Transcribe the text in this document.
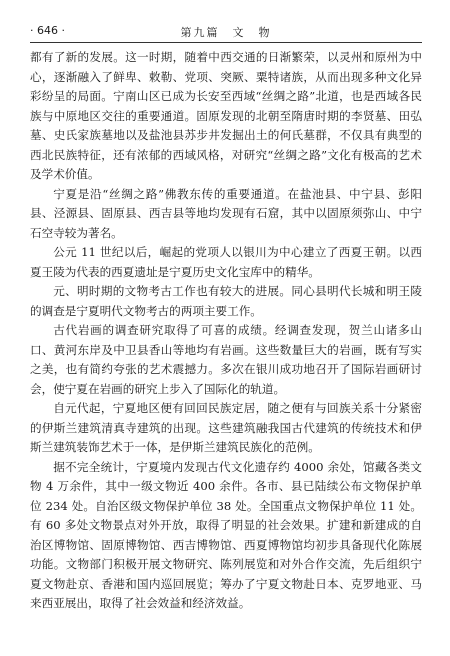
· 646 ·	第九篇　文　物

都有了新的发展。这一时期，随着中西交通的日渐繁荣，以灵州和原州为中心，逐渐融入了鲜卑、敕勒、党项、突厥、粟特诸族，从而出现多种文化异彩纷呈的局面。宁南山区已成为长安至西域“丝绸之路”北道，也是西域各民族与中原地区交往的重要通道。固原发现的北朝至隋唐时期的李贤墓、田弘墓、史氏家族墓地以及盐池县苏步井发掘出土的何氏墓群，不仅具有典型的西北民族特征，还有浓郁的西域风格，对研究“丝绸之路”文化有极高的艺术及学术价值。

宁夏是沿“丝绸之路”佛教东传的重要通道。在盐池县、中宁县、彭阳县、泾源县、固原县、西吉县等地均发现有石窟，其中以固原须弥山、中宁石空寺较为著名。

公元 11 世纪以后，崛起的党项人以银川为中心建立了西夏王朝。以西夏王陵为代表的西夏遗址是宁夏历史文化宝库中的精华。

元、明时期的文物考古工作也有较大的进展。同心县明代长城和明王陵的调查是宁夏明代文物考古的两项主要工作。

古代岩画的调查研究取得了可喜的成绩。经调查发现，贺兰山诸多山口、黄河东岸及中卫县香山等地均有岩画。这些数量巨大的岩画，既有写实之美，也有简约夸张的艺术震撼力。多次在银川成功地召开了国际岩画研讨会，使宁夏在岩画的研究上步入了国际化的轨道。

自元代起，宁夏地区便有回回民族定居，随之便有与回族关系十分紧密的伊斯兰建筑清真寺建筑的出现。这些建筑融我国古代建筑的传统技术和伊斯兰建筑装饰艺术于一体，是伊斯兰建筑民族化的范例。

据不完全统计，宁夏境内发现古代文化遗存约 4000 余处，馆藏各类文物 4 万余件，其中一级文物近 400 余件。各市、县已陆续公布文物保护单位 234 处。自治区级文物保护单位 38 处。全国重点文物保护单位 11 处。有 60 多处文物景点对外开放，取得了明显的社会效果。扩建和新建成的自治区博物馆、固原博物馆、西吉博物馆、西夏博物馆均初步具备现代化陈展功能。文物部门积极开展文物研究、陈列展览和对外合作交流，先后组织宁夏文物赴京、香港和国内巡回展览；筹办了宁夏文物赴日本、克罗地亚、马来西亚展出，取得了社会效益和经济效益。
